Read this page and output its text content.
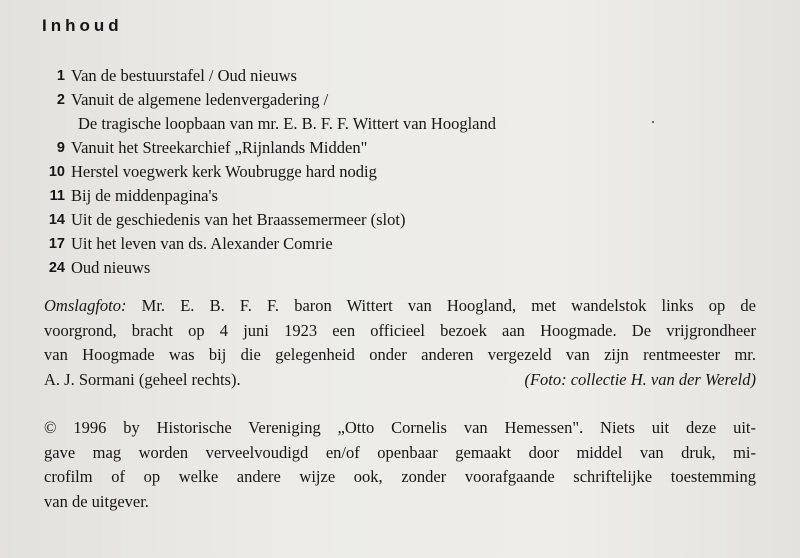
Inhoud
1 Van de bestuurstafel / Oud nieuws
2 Vanuit de algemene ledenvergadering /
De tragische loopbaan van mr. E. B. F. F. Wittert van Hoogland
9 Vanuit het Streekarchief „Rijnlands Midden"
10 Herstel voegwerk kerk Woubrugge hard nodig
11 Bij de middenpagina's
14 Uit de geschiedenis van het Braassemermeer (slot)
17 Uit het leven van ds. Alexander Comrie
24 Oud nieuws
Omslagfoto: Mr. E. B. F. F. baron Wittert van Hoogland, met wandelstok links op de
voorgrond, bracht op 4 juni 1923 een officieel bezoek aan Hoogmade. De vrijgrondheer
van Hoogmade was bij die gelegenheid onder anderen vergezeld van zijn rentmeester mr.
A. J. Sormani (geheel rechts).	(Foto: collectie H. van der Wereld)
© 1996 by Historische Vereniging „Otto Cornelis van Hemessen". Niets uit deze uit-
gave mag worden verveelvoudigd en/of openbaar gemaakt door middel van druk, mi-
crofilm of op welke andere wijze ook, zonder voorafgaande schriftelijke toestemming
van de uitgever.
